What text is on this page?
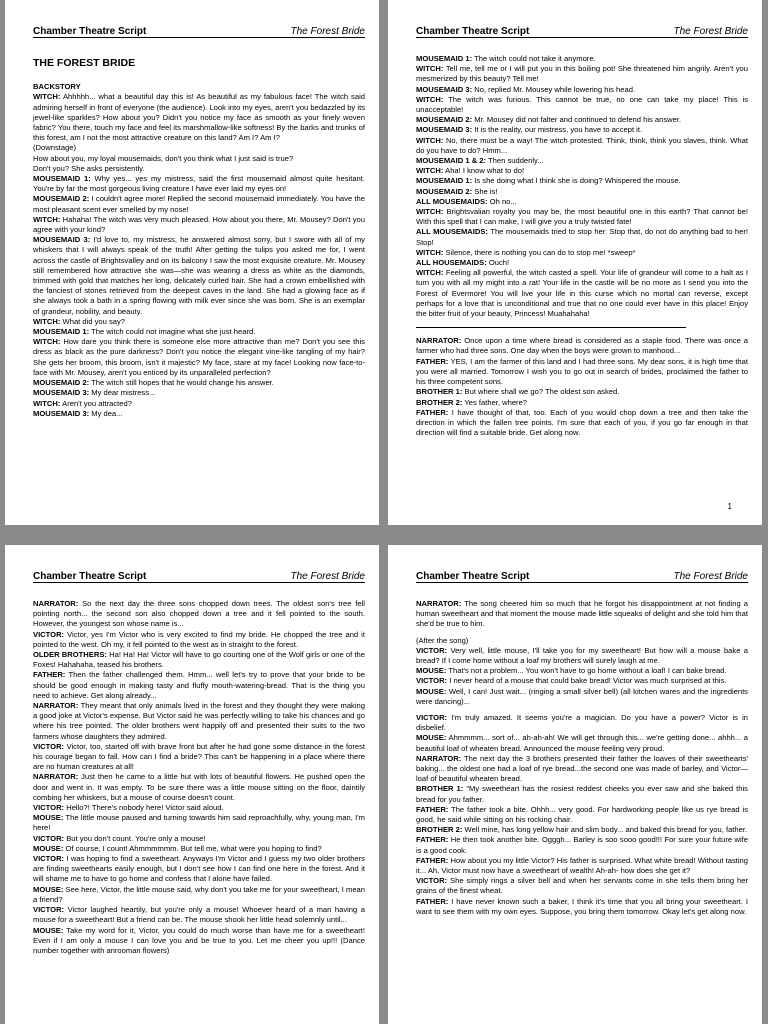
Chamber Theatre Script	The Forest Bride

THE FOREST BRIDE

BACKSTORY

WITCH: Ahhhhh... what a beautiful day this is! As beautiful as my fabulous face! The witch said admiring herself in front of everyone (the audience). Look into my eyes, aren't you bedazzled by its jewel-like sparkles? How about you? Didn't you notice my face as smooth as your finely woven fabric? You there, touch my face and feel its marshmallow-like softness! By the barks and trunks of this forest, am I not the most attractive creature on this land? Am I? Am I?

(Downstage)

How about you, my loyal mousemaids, don't you think what I just said is true?

Don't you? She asks persistently.

MOUSEMAID 1: Why yes... yes my mistress, said the first mousemaid almost quite hesitant. You're by far the most gorgeous living creature I have ever laid my eyes on!

MOUSEMAID 2: I couldn't agree more! Replied the second mousemaid immediately. You have the most pleasant scent ever smelled by my nose!

WITCH: Hahaha! The witch was very much pleased. How about you there, Mr. Mousey? Don't you agree with your kind?

MOUSEMAID 3: I'd love to, my mistress, he answered almost sorry, but I swore with all of my whiskers that I will always speak of the truth! After getting the tulips you asked me for, I went across the castle of Brightsvalley and on its balcony I saw the most exquisite creature. Mr. Mousey still remembered how attractive she was—she was wearing a dress as white as the diamonds, trimmed with gold that matches her long, delicately curled hair. She had a crown embellished with the fanciest of stones retrieved from the deepest caves in the land. She had a glowing face as if she always took a bath in a spring flowing with milk ever since she was born. She is an exemplar of grandeur, nobility, and beauty.

WITCH: What did you say?

MOUSEMAID 1: The witch could not imagine what she just heard.

WITCH: How dare you think there is someone else more attractive than me? Don't you see this dress as black as the pure darkness? Don't you notice the elegant vine-like tangling of my hair? She gets her broom, this broom, isn't it majestic? My face, stare at my face! Looking now face-to-face with Mr. Mousey, aren't you enticed by its unparalleled perfection?

MOUSEMAID 2: The witch still hopes that he would change his answer.

MOUSEMAID 3: My dear mistress...

WITCH: Aren't you attracted?

MOUSEMAID 3: My dea...

Chamber Theatre Script	The Forest Bride

MOUSEMAID 1: The witch could not take it anymore.

WITCH: Tell me, tell me or I will put you in this boiling pot! She threatened him angrily. Aren't you mesmerized by this beauty? Tell me!

MOUSEMAID 3: No, replied Mr. Mousey while lowering his head.

WITCH: The witch was furious. This cannot be true, no one can take my place! This is unacceptable!

MOUSEMAID 2: Mr. Mousey did not falter and continued to defend his answer.

MOUSEMAID 3: It is the reality, our mistress, you have to accept it.

WITCH: No, there must be a way! The witch protested. Think, think, think you slaves, think. What do you have to do? Hmm...

MOUSEMAID 1 & 2: Then suddenly...

WITCH: Aha! I know what to do!

MOUSEMAID 1: Is she doing what I think she is doing? Whispered the mouse.

MOUSEMAID 2: She is!

ALL MOUSEMAIDS: Oh no...

WITCH: Brightsvalian royalty you may be, the most beautiful one in this earth? That cannot be! With this spell that I can make, I will give you a truly twisted fate!

ALL MOUSEMAIDS: The mousemaids tried to stop her. Stop that, do not do anything bad to her! Stop!

WITCH: Silence, there is nothing you can do to stop me! *sweep*

ALL HOUSEMAIDS: Ouch!

WITCH: Feeling all powerful, the witch casted a spell. Your life of grandeur will come to a halt as I turn you with all my might into a rat! Your life in the castle will be no more as I send you into the Forest of Evermore! You will live your life in this curse which no mortal can reverse, except perhaps for a love that is unconditional and true that no one could ever have in this place! Enjoy the bitter fruit of your beauty, Princess! Muahahaha!

NARRATOR: Once upon a time where bread is considered as a staple food. There was once a farmer who had three sons. One day when the boys were grown to manhood...

FATHER: YES, I am the farmer of this land and I had three sons. My dear sons, it is high time that you were all married. Tomorrow I wish you to go out in search of brides, proclaimed the father to his three competent sons.

BROTHER 1: But where shall we go? The oldest son asked.

BROTHER 2: Yes father, where?

FATHER: I have thought of that, too. Each of you would chop down a tree and then take the direction in which the fallen tree points. I'm sure that each of you, if you go far enough in that direction will find a suitable bride. Get along now.

1
Chamber Theatre Script	The Forest Bride

NARRATOR: So the next day the three sons chopped down trees. The oldest son's tree fell pointing north... the second son also chopped down a tree and it fell pointed to the south. However, the youngest son whose name is...

VICTOR: Victor, yes I'm Victor who is very excited to find my bride. He chopped the tree and it pointed to the west. Oh my, it fell pointed to the west as in straight to the forest.

OLDER BROTHERS: Ha! Ha! Ha! Victor will have to go courting one of the Wolf girls or one of the Foxes! Hahahaha, teased his brothers.

FATHER: Then the father challenged them. Hmm... well let's try to prove that your bride to be should be good enough in making tasty and fluffy mouth-watering-bread. That is the thing you need to achieve. Get along already...

NARRATOR: They meant that only animals lived in the forest and they thought they were making a good joke at Victor's expense. But Victor said he was perfectly willing to take his chances and go where his tree pointed. The older brothers went happily off and presented their suits to the two farmers whose daughters they admired.

VICTOR: Victor, too, started off with brave front but after he had gone some distance in the forest his courage began to fall. How can I find a bride? This can't be happening in a place where there are no human creatures at all!

NARRATOR: Just then he came to a little hut with lots of beautiful flowers. He pushed open the door and went in. It was empty. To be sure there was a little mouse sitting on the floor, daintily combing her whiskers, but a mouse of course doesn't count.

VICTOR: Hello?! There's nobody here! Victor said aloud.

MOUSE: The little mouse paused and turning towards him said reproachfully, why, young man, I'm here!

VICTOR: But you don't count. You're only a mouse!

MOUSE: Of course, I count! Ahmmmmmm. But tell me, what were you hoping to find?

VICTOR: I was hoping to find a sweetheart. Anyways I'm Victor and I guess my two older brothers are finding sweethearts easily enough, but I don't see how I can find one here in the forest. And it will shame me to have to go home and confess that I alone have failed.

MOUSE: See here, Victor, the little mouse said, why don't you take me for your sweetheart, I mean a friend?

VICTOR: Victor laughed heartily, but you're only a mouse! Whoever heard of a man having a mouse for a sweetheart! But a friend can be. The mouse shook her little head solemnly until...

MOUSE: Take my word for it, Victor, you could do much worse than have me for a sweetheart! Even if I am only a mouse I can love you and be true to you. Let me cheer you up!!! (Dance number together with anrooman flowers)

Chamber Theatre Script	The Forest Bride

NARRATOR: The song cheered him so much that he forgot his disappointment at not finding a human sweetheart and that moment the mouse made little squeaks of delight and she told him that she'd be true to him.

(After the song)

VICTOR: Very well, little mouse, I'll take you for my sweetheart! But how will a mouse bake a bread? If I come home without a loaf my brothers will surely laugh at me.

MOUSE: That's not a problem... You won't have to go home without a loaf! I can bake bread.

VICTOR: I never heard of a mouse that could bake bread! Victor was much surprised at this.

MOUSE: Well, I can! Just wait... (ringing a small silver bell) (all kitchen wares and the ingredients were dancing)...

VICTOR: I'm truly amazed. It seems you're a magician. Do you have a power? Victor is in disbelief.

MOUSE: Ahmmmm... sort of... ah-ah-ah! We will get through this... we're getting done... ahhh... a beautiful loaf of wheaten bread. Announced the mouse feeling very proud.

NARRATOR: The next day the 3 brothers presented their father the loaves of their sweethearts' baking... the oldest one had a loaf of rye bread...the second one was made of barley, and Victor—loaf of beautiful wheaten bread.

BROTHER 1: "My sweetheart has the rosiest reddest cheeks you ever saw and she baked this bread for you father.

FATHER: The father took a bite. Ohhh... very good. For hardworking people like us rye bread is good, he said while sitting on his rocking chair.

BROTHER 2: Well mine, has long yellow hair and slim body... and baked this bread for you, father.

FATHER: He then took another bite. Ogggh... Barley is soo sooo good!!! For sure your future wife is a good cook.

FATHER: How about you my little Victor? His father is surprised. What white bread! Without tasting it... Ah, Victor must now have a sweetheart of wealth! Ah-ah- how does she get it?

VICTOR: She simply rings a silver bell and when her servants come in she tells them bring her grains of the finest wheat.

FATHER: I have never known such a baker, I think it's time that you all bring your sweetheart. I want to see them with my own eyes. Suppose, you bring them tomorrow. Okay let's get along now.
